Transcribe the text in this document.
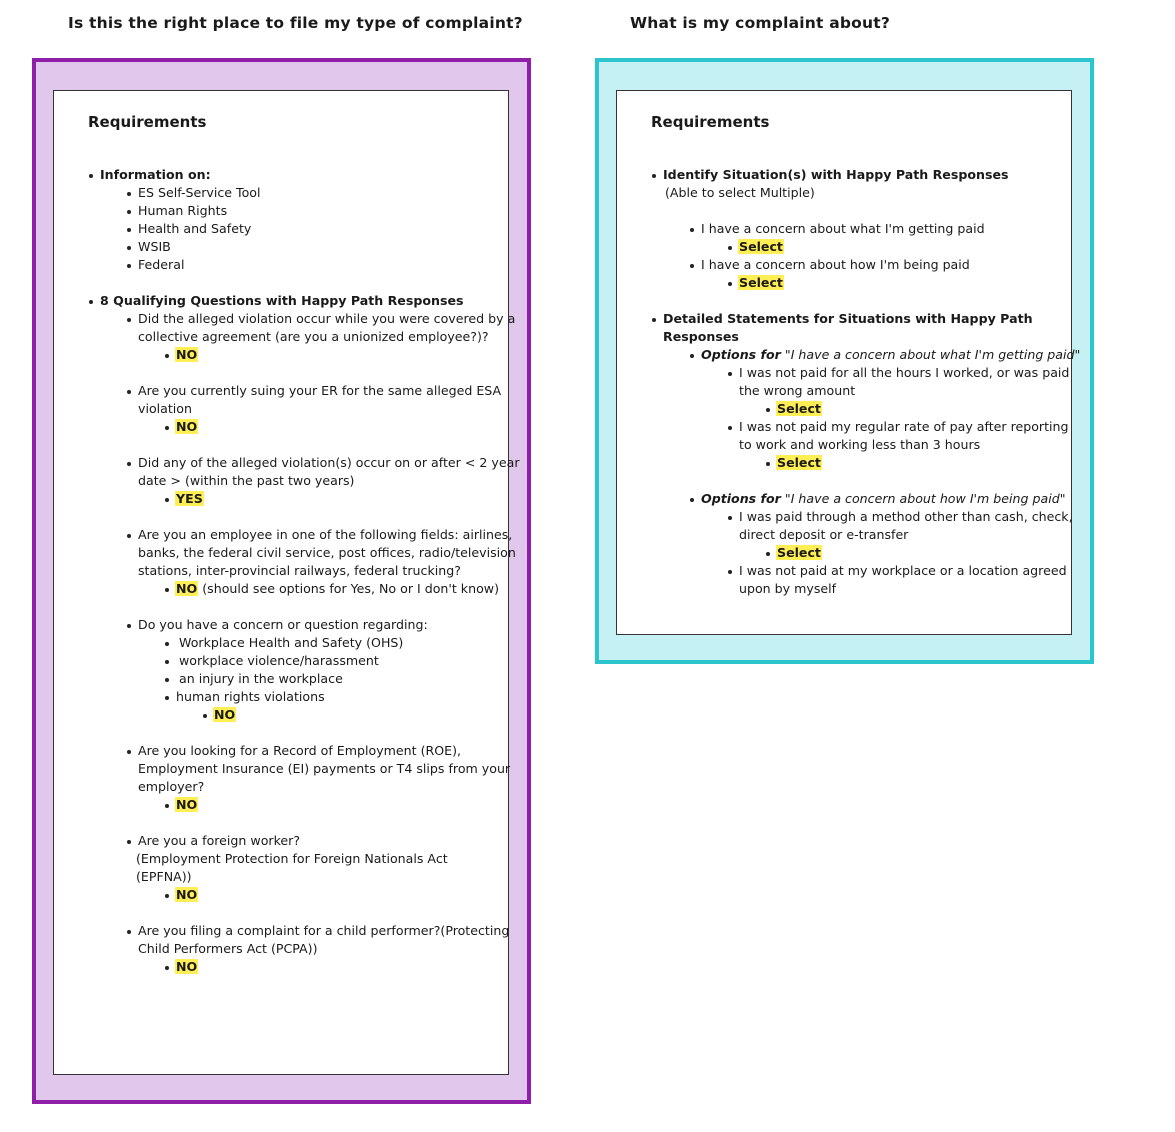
Is this the right place to file my type of complaint?	What is my complaint about?
Requirements
Information on:
ES Self-Service Tool
Human Rights
Health and Safety
WSIB
Federal
8 Qualifying Questions with Happy Path Responses
Did the alleged violation occur while you were covered by a
collective agreement (are you a unionized employee?)?
NO
Are you currently suing your ER for the same alleged ESA
violation
NO
Did any of the alleged violation(s) occur on or after < 2 year
date > (within the past two years)
YES
Are you an employee in one of the following fields: airlines,
banks, the federal civil service, post offices, radio/television
stations, inter-provincial railways, federal trucking?
NO (should see options for Yes, No or I don't know)
Do you have a concern or question regarding:
Workplace Health and Safety (OHS)
workplace violence/harassment
an injury in the workplace
human rights violations
NO
Are you looking for a Record of Employment (ROE),
Employment Insurance (EI) payments or T4 slips from your
employer?
NO
Are you a foreign worker?
(Employment Protection for Foreign Nationals Act
(EPFNA))
NO
Are you filing a complaint for a child performer?(Protecting
Child Performers Act (PCPA))
NO
Requirements
Identify Situation(s) with Happy Path Responses
(Able to select Multiple)
I have a concern about what I'm getting paid
Select
I have a concern about how I'm being paid
Select
Detailed Statements for Situations with Happy Path
Responses
Options for "I have a concern about what I'm getting paid"
I was not paid for all the hours I worked, or was paid
the wrong amount
Select
I was not paid my regular rate of pay after reporting
to work and working less than 3 hours
Select
Options for "I have a concern about how I'm being paid"
I was paid through a method other than cash, check,
direct deposit or e-transfer
Select
I was not paid at my workplace or a location agreed
upon by myself
